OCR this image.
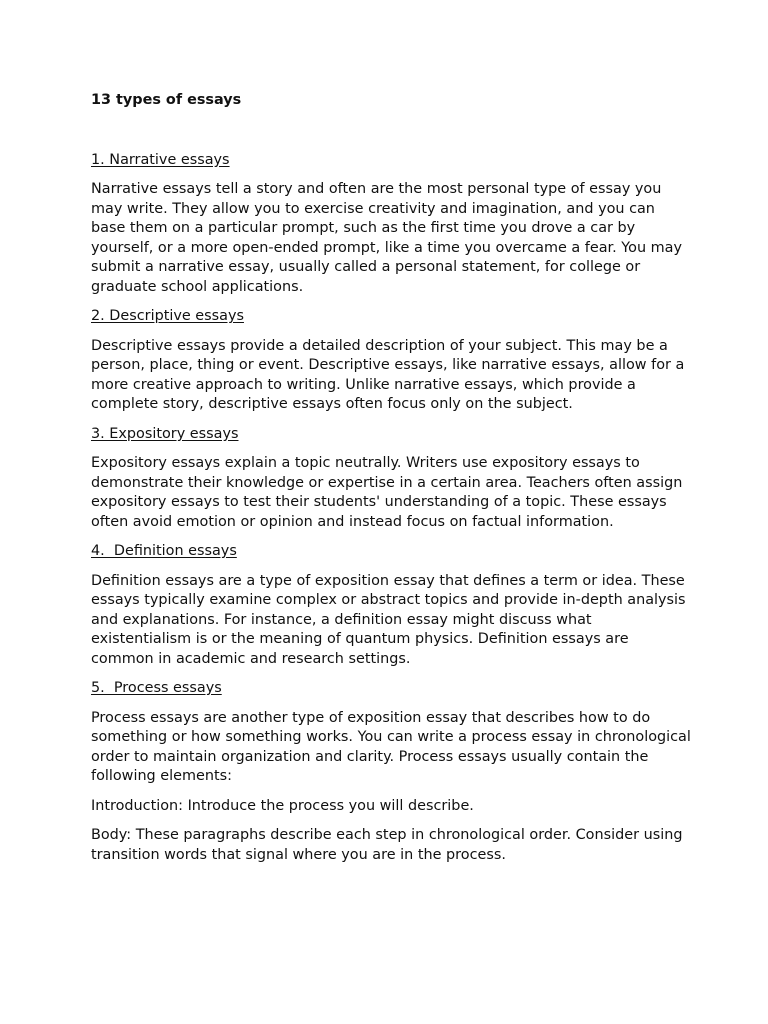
13 types of essays

1. Narrative essays

Narrative essays tell a story and often are the most personal type of essay you may write. They allow you to exercise creativity and imagination, and you can base them on a particular prompt, such as the first time you drove a car by yourself, or a more open-ended prompt, like a time you overcame a fear. You may submit a narrative essay, usually called a personal statement, for college or graduate school applications.

2. Descriptive essays

Descriptive essays provide a detailed description of your subject. This may be a person, place, thing or event. Descriptive essays, like narrative essays, allow for a more creative approach to writing. Unlike narrative essays, which provide a complete story, descriptive essays often focus only on the subject.

3. Expository essays

Expository essays explain a topic neutrally. Writers use expository essays to demonstrate their knowledge or expertise in a certain area. Teachers often assign expository essays to test their students' understanding of a topic. These essays often avoid emotion or opinion and instead focus on factual information.

4.  Definition essays

Definition essays are a type of exposition essay that defines a term or idea. These essays typically examine complex or abstract topics and provide in-depth analysis and explanations. For instance, a definition essay might discuss what existentialism is or the meaning of quantum physics. Definition essays are common in academic and research settings.

5.  Process essays

Process essays are another type of exposition essay that describes how to do something or how something works. You can write a process essay in chronological order to maintain organization and clarity. Process essays usually contain the following elements:

Introduction: Introduce the process you will describe.

Body: These paragraphs describe each step in chronological order. Consider using transition words that signal where you are in the process.
